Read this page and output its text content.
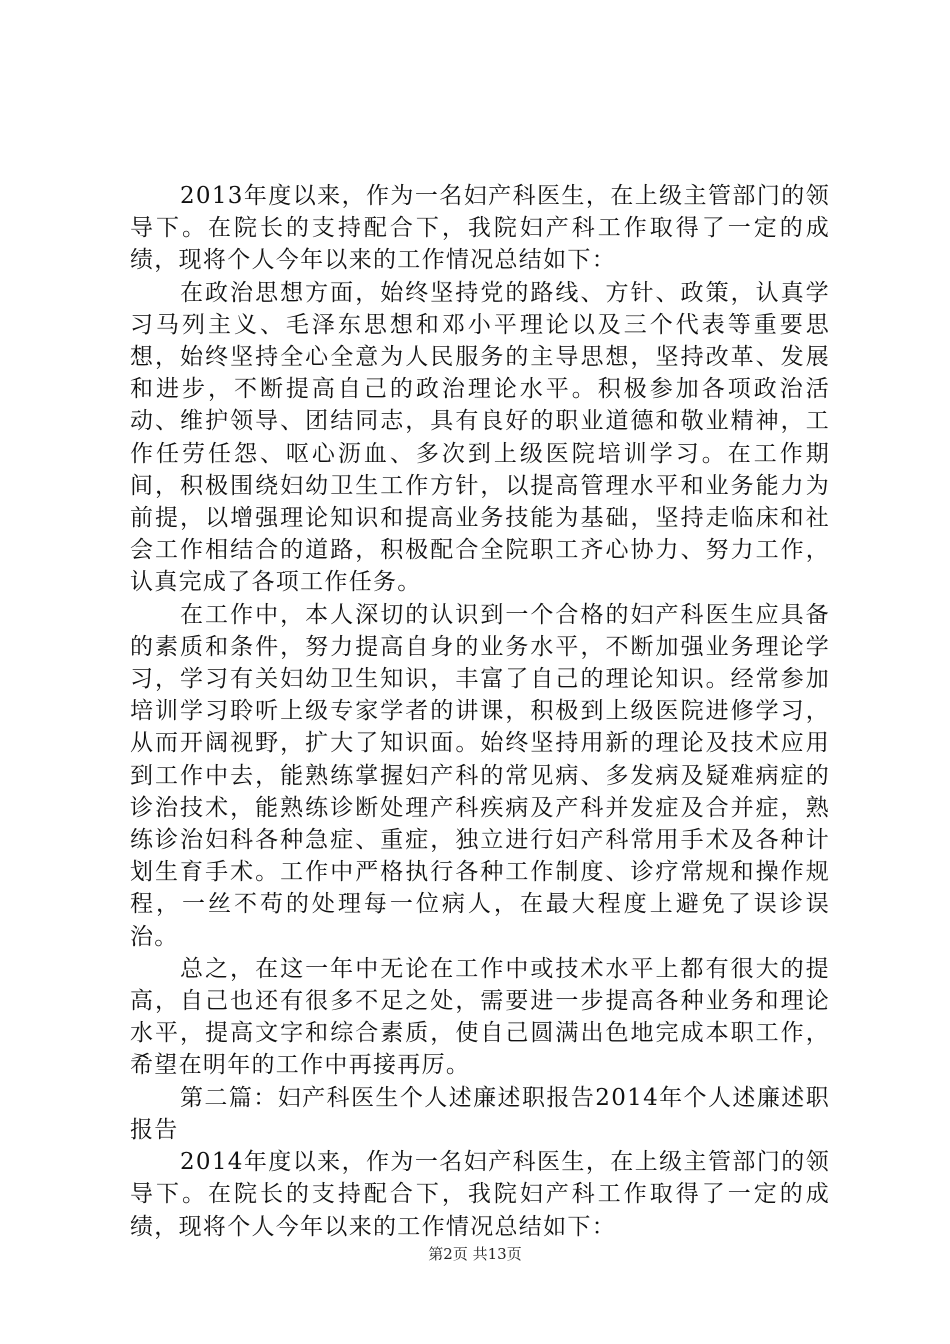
2013年度以来，作为一名妇产科医生，在上级主管部门的领导下。在院长的支持配合下，我院妇产科工作取得了一定的成绩，现将个人今年以来的工作情况总结如下：

在政治思想方面，始终坚持党的路线、方针、政策，认真学习马列主义、毛泽东思想和邓小平理论以及三个代表等重要思想，始终坚持全心全意为人民服务的主导思想，坚持改革、发展和进步，不断提高自己的政治理论水平。积极参加各项政治活动、维护领导、团结同志，具有良好的职业道德和敬业精神，工作任劳任怨、呕心沥血、多次到上级医院培训学习。在工作期间，积极围绕妇幼卫生工作方针，以提高管理水平和业务能力为前提，以增强理论知识和提高业务技能为基础，坚持走临床和社会工作相结合的道路，积极配合全院职工齐心协力、努力工作，认真完成了各项工作任务。

在工作中，本人深切的认识到一个合格的妇产科医生应具备的素质和条件，努力提高自身的业务水平，不断加强业务理论学习，学习有关妇幼卫生知识，丰富了自己的理论知识。经常参加培训学习聆听上级专家学者的讲课，积极到上级医院进修学习，从而开阔视野，扩大了知识面。始终坚持用新的理论及技术应用到工作中去，能熟练掌握妇产科的常见病、多发病及疑难病症的诊治技术，能熟练诊断处理产科疾病及产科并发症及合并症，熟练诊治妇科各种急症、重症，独立进行妇产科常用手术及各种计划生育手术。工作中严格执行各种工作制度、诊疗常规和操作规程，一丝不苟的处理每一位病人，在最大程度上避免了误诊误治。

总之，在这一年中无论在工作中或技术水平上都有很大的提高，自己也还有很多不足之处，需要进一步提高各种业务和理论水平，提高文字和综合素质，使自己圆满出色地完成本职工作，希望在明年的工作中再接再厉。

第二篇：妇产科医生个人述廉述职报告2014年个人述廉述职报告

2014年度以来，作为一名妇产科医生，在上级主管部门的领导下。在院长的支持配合下，我院妇产科工作取得了一定的成绩，现将个人今年以来的工作情况总结如下：

第2页 共13页
